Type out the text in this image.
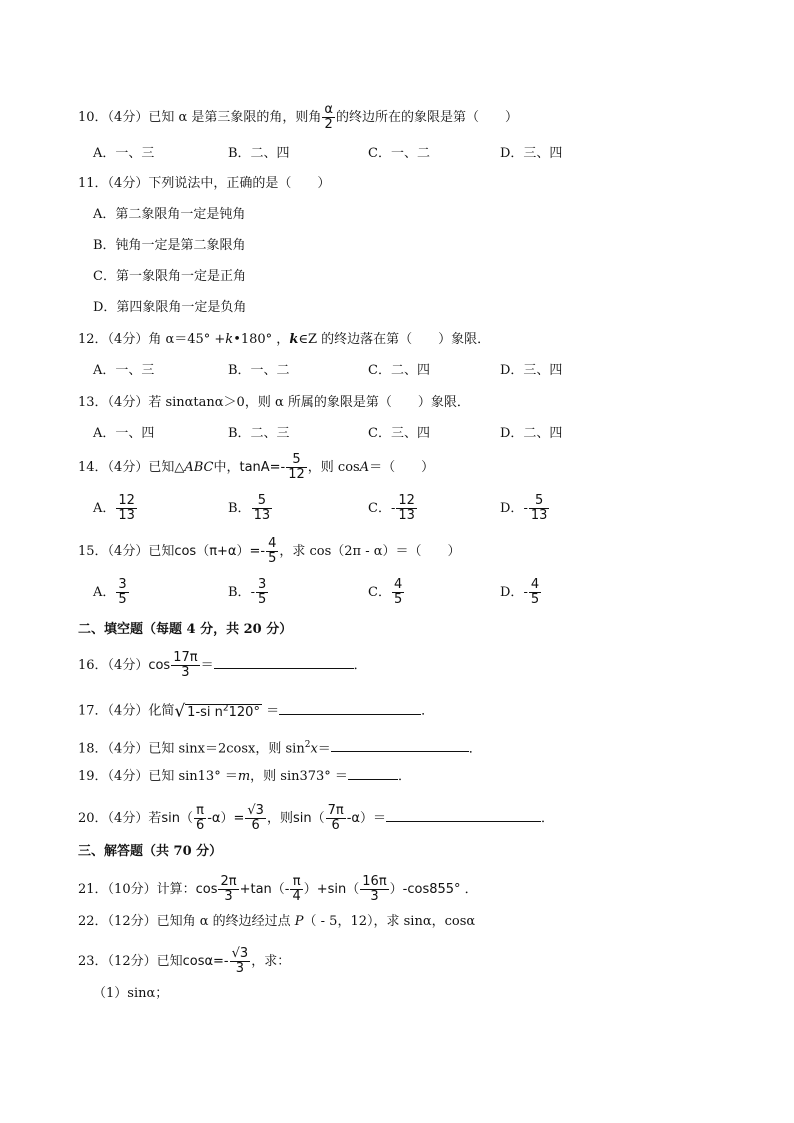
10．（4分）已知 α 是第三象限的角，则角 $\frac{\alpha}{2}$ 的终边所在的象限是第（　　）
A．一、三	B．二、四	C．一、二	D．三、四
11．（4分）下列说法中，正确的是（　　）
A．第二象限角一定是钝角
B．钝角一定是第二象限角
C．第一象限角一定是正角
D．第四象限角一定是负角
12．（4分）角 α＝45° +k•180° ，k∈Z 的终边落在第（　　）象限．
A．一、三	B．一、二	C．二、四	D．三、四
13．（4分）若 sinαtanα＞0，则 α 所属的象限是第（　　）象限．
A．一、四	B．二、三	C．三、四	D．二、四
14．（4分）已知△ABC中，$\tan A=- \frac{5}{12}$ ，则 cosA＝（　　）
A． $\frac{12}{13}$	B． $\frac{5}{13}$	C．- $\frac{12}{13}$	D．- $\frac{5}{13}$
15．（4分）已知$\cos(\pi+\alpha)=- \frac{4}{5}$ ，求 cos（2π - α）＝（　　）
A． $\frac{3}{5}$	B．- $\frac{3}{5}$	C． $\frac{4}{5}$	D．- $\frac{4}{5}$
二、填空题（每题 4 分，共 20 分）
16．（4分）$\cos \frac{17\pi}{3}$ ＝	．
17．（4分）化简√ 1-si $n^2120^\circ$ ＝	．
18．（4分）已知 sinx＝2cosx，则 $\sin^2x=$	．
19．（4分）已知 sin13° ＝m，则 sin373° ＝	．
20．（4分）若$\sin( \frac{\pi}{6} -\alpha)= \frac{√3}{6}$ ，则$\sin( \frac{7\pi}{6} -\alpha)=$	．
三、解答题（共 70 分）
21．（10分）计算：$\cos \frac{2\pi}{3} +\tan(- \frac{\pi}{4} )+\sin( \frac{16\pi}{3} )-\cos 855^\circ$ ．
22．（12分）已知角 α 的终边经过点 P（ - 5，12），求 sinα，cosα
23．（12分）已知$\cos\alpha=- \frac{√3}{3}$ ，求：
（1）sinα；
